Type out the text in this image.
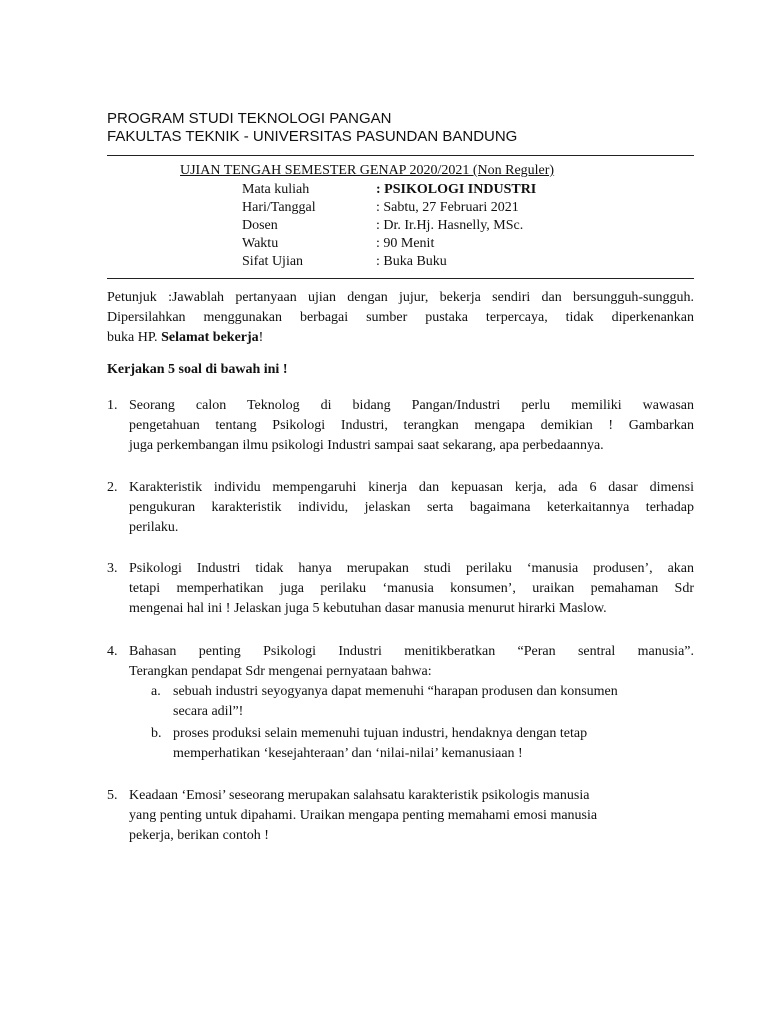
PROGRAM STUDI TEKNOLOGI PANGAN
FAKULTAS TEKNIK - UNIVERSITAS PASUNDAN BANDUNG
UJIAN TENGAH SEMESTER GENAP 2020/2021 (Non Reguler)
Mata kuliah	: PSIKOLOGI INDUSTRI
Hari/Tanggal	: Sabtu, 27 Februari 2021
Dosen	: Dr. Ir.Hj. Hasnelly, MSc.
Waktu	: 90 Menit
Sifat Ujian	: Buka Buku
Petunjuk :Jawablah pertanyaan ujian dengan jujur, bekerja sendiri dan bersungguh-sungguh.
Dipersilahkan menggunakan berbagai sumber pustaka terpercaya, tidak diperkenankan
buka HP. Selamat bekerja!
Kerjakan 5 soal di bawah ini !
1. Seorang calon Teknolog di bidang Pangan/Industri perlu memiliki wawasan
pengetahuan tentang Psikologi Industri, terangkan mengapa demikian ! Gambarkan
juga perkembangan ilmu psikologi Industri sampai saat sekarang, apa perbedaannya.
2. Karakteristik individu mempengaruhi kinerja dan kepuasan kerja, ada 6 dasar dimensi
pengukuran karakteristik individu, jelaskan serta bagaimana keterkaitannya terhadap
perilaku.
3. Psikologi Industri tidak hanya merupakan studi perilaku ‘manusia produsen’, akan
tetapi memperhatikan juga perilaku ‘manusia konsumen’, uraikan pemahaman Sdr
mengenai hal ini ! Jelaskan juga 5 kebutuhan dasar manusia menurut hirarki Maslow.
4. Bahasan penting Psikologi Industri menitikberatkan “Peran sentral manusia”.
Terangkan pendapat Sdr mengenai pernyataan bahwa:
a. sebuah industri seyogyanya dapat memenuhi “harapan produsen dan konsumen
secara adil”!
b. proses produksi selain memenuhi tujuan industri, hendaknya dengan tetap
memperhatikan ‘kesejahteraan’ dan ‘nilai-nilai’ kemanusiaan !
5. Keadaan ‘Emosi’ seseorang merupakan salahsatu karakteristik psikologis manusia
yang penting untuk dipahami. Uraikan mengapa penting memahami emosi manusia
pekerja, berikan contoh !
